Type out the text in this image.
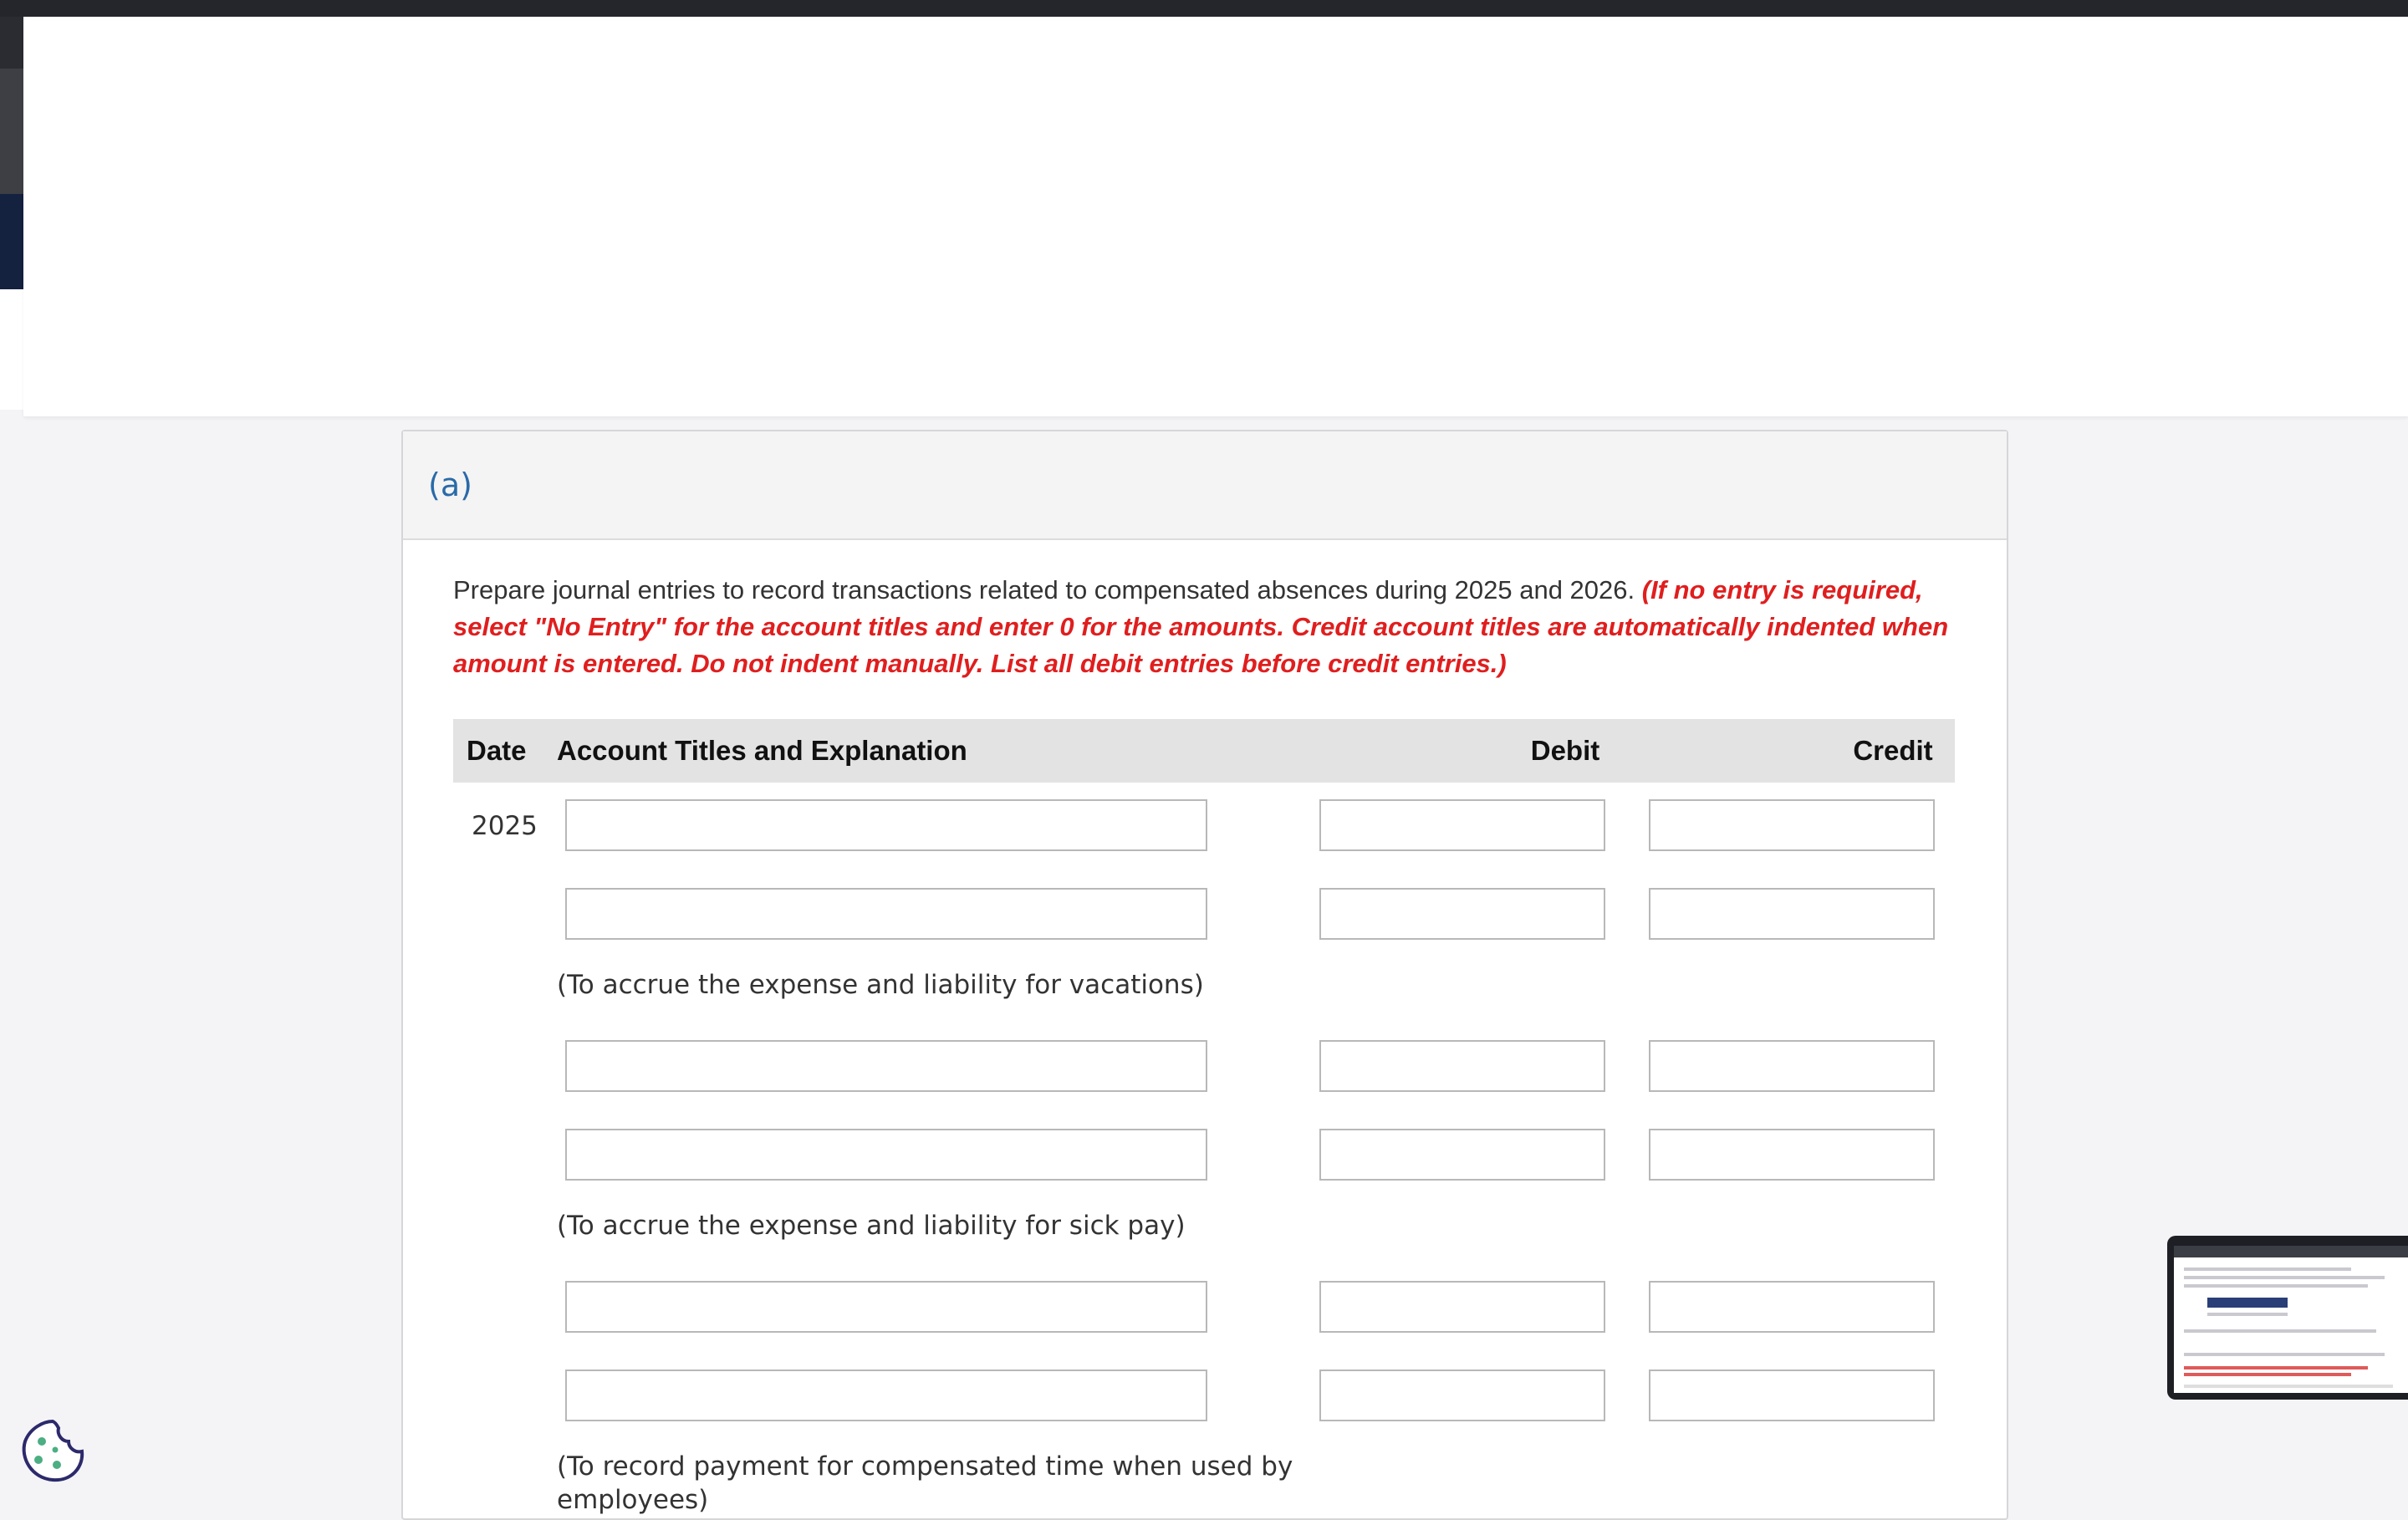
(a)

Prepare journal entries to record transactions related to compensated absences during 2025 and 2026. (If no entry is required, select "No Entry" for the account titles and enter 0 for the amounts. Credit account titles are automatically indented when amount is entered. Do not indent manually. List all debit entries before credit entries.)

Date Account Titles and Explanation	Debit	Credit
2025
(To accrue the expense and liability for vacations)
(To accrue the expense and liability for sick pay)
(To record payment for compensated time when used by employees)
